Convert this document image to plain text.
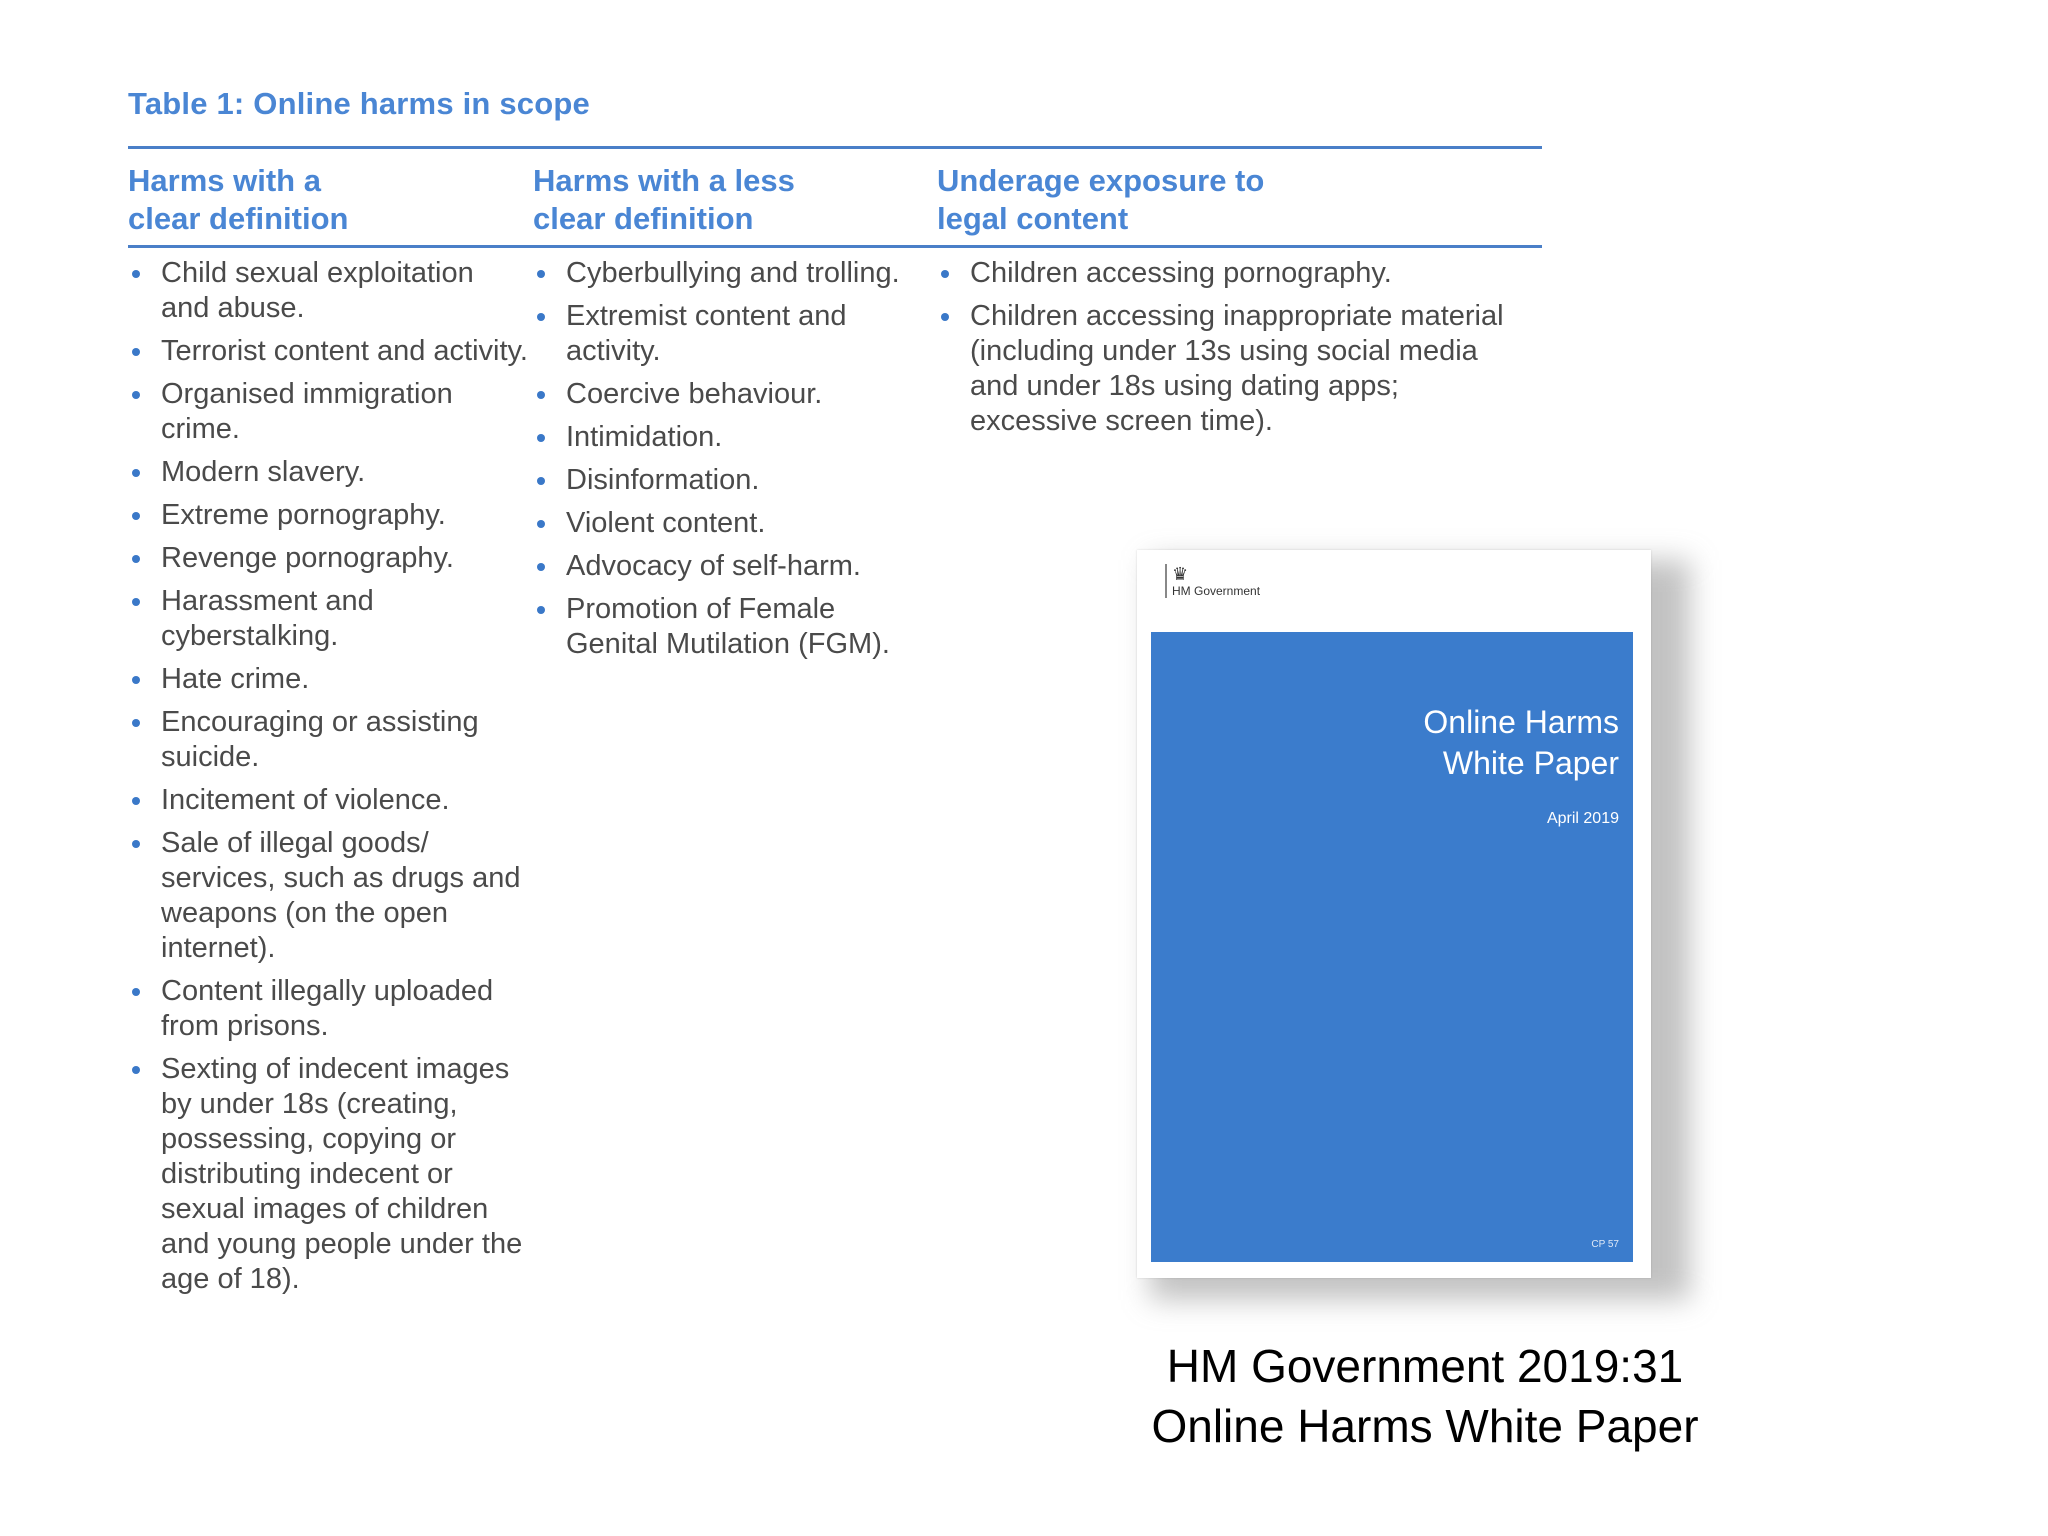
Table 1: Online harms in scope
Harms with a
clear definition
Harms with a less
clear definition
Underage exposure to
legal content
Child sexual exploitation and abuse.
Terrorist content and activity.
Organised immigration crime.
Modern slavery.
Extreme pornography.
Revenge pornography.
Harassment and cyberstalking.
Hate crime.
Encouraging or assisting suicide.
Incitement of violence.
Sale of illegal goods/ services, such as drugs and weapons (on the open internet).
Content illegally uploaded from prisons.
Sexting of indecent images by under 18s (creating, possessing, copying or distributing indecent or sexual images of children and young people under the age of 18).
Cyberbullying and trolling.
Extremist content and activity.
Coercive behaviour.
Intimidation.
Disinformation.
Violent content.
Advocacy of self-harm.
Promotion of Female Genital Mutilation (FGM).
Children accessing pornography.
Children accessing inappropriate material (including under 13s using social media and under 18s using dating apps; excessive screen time).
♛
HM Government
Online Harms
White Paper
April 2019
CP 57
HM Government 2019:31
Online Harms White Paper
